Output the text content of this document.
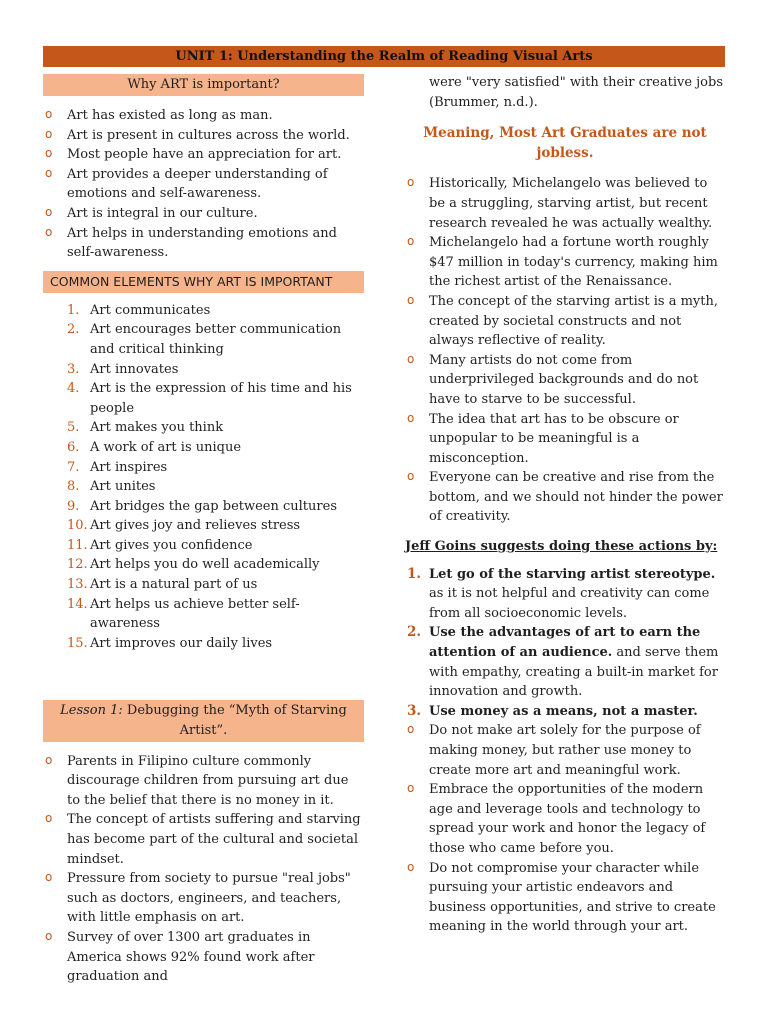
UNIT 1: Understanding the Realm of Reading Visual Arts
Why ART is important?
o Art has existed as long as man.
o Art is present in cultures across the world.
o Most people have an appreciation for art.
o Art provides a deeper understanding of emotions and self-awareness.
o Art is integral in our culture.
o Art helps in understanding emotions and self-awareness.
COMMON ELEMENTS WHY ART IS IMPORTANT
1. Art communicates
2. Art encourages better communication and critical thinking
3. Art innovates
4. Art is the expression of his time and his people
5. Art makes you think
6. A work of art is unique
7. Art inspires
8. Art unites
9. Art bridges the gap between cultures
10. Art gives joy and relieves stress
11. Art gives you confidence
12. Art helps you do well academically
13. Art is a natural part of us
14. Art helps us achieve better self-awareness
15. Art improves our daily lives
Lesson 1: Debugging the “Myth of Starving Artist”.
o Parents in Filipino culture commonly discourage children from pursuing art due to the belief that there is no money in it.
o The concept of artists suffering and starving has become part of the cultural and societal mindset.
o Pressure from society to pursue "real jobs" such as doctors, engineers, and teachers, with little emphasis on art.
o Survey of over 1300 art graduates in America shows 92% found work after graduation and
were "very satisfied" with their creative jobs (Brummer, n.d.).
Meaning, Most Art Graduates are not jobless.
o Historically, Michelangelo was believed to be a struggling, starving artist, but recent research revealed he was actually wealthy.
o Michelangelo had a fortune worth roughly $47 million in today's currency, making him the richest artist of the Renaissance.
o The concept of the starving artist is a myth, created by societal constructs and not always reflective of reality.
o Many artists do not come from underprivileged backgrounds and do not have to starve to be successful.
o The idea that art has to be obscure or unpopular to be meaningful is a misconception.
o Everyone can be creative and rise from the bottom, and we should not hinder the power of creativity.
Jeff Goins suggests doing these actions by:
1. Let go of the starving artist stereotype. as it is not helpful and creativity can come from all socioeconomic levels.
2. Use the advantages of art to earn the attention of an audience. and serve them with empathy, creating a built-in market for innovation and growth.
3. Use money as a means, not a master.
o Do not make art solely for the purpose of making money, but rather use money to create more art and meaningful work.
o Embrace the opportunities of the modern age and leverage tools and technology to spread your work and honor the legacy of those who came before you.
o Do not compromise your character while pursuing your artistic endeavors and business opportunities, and strive to create meaning in the world through your art.
